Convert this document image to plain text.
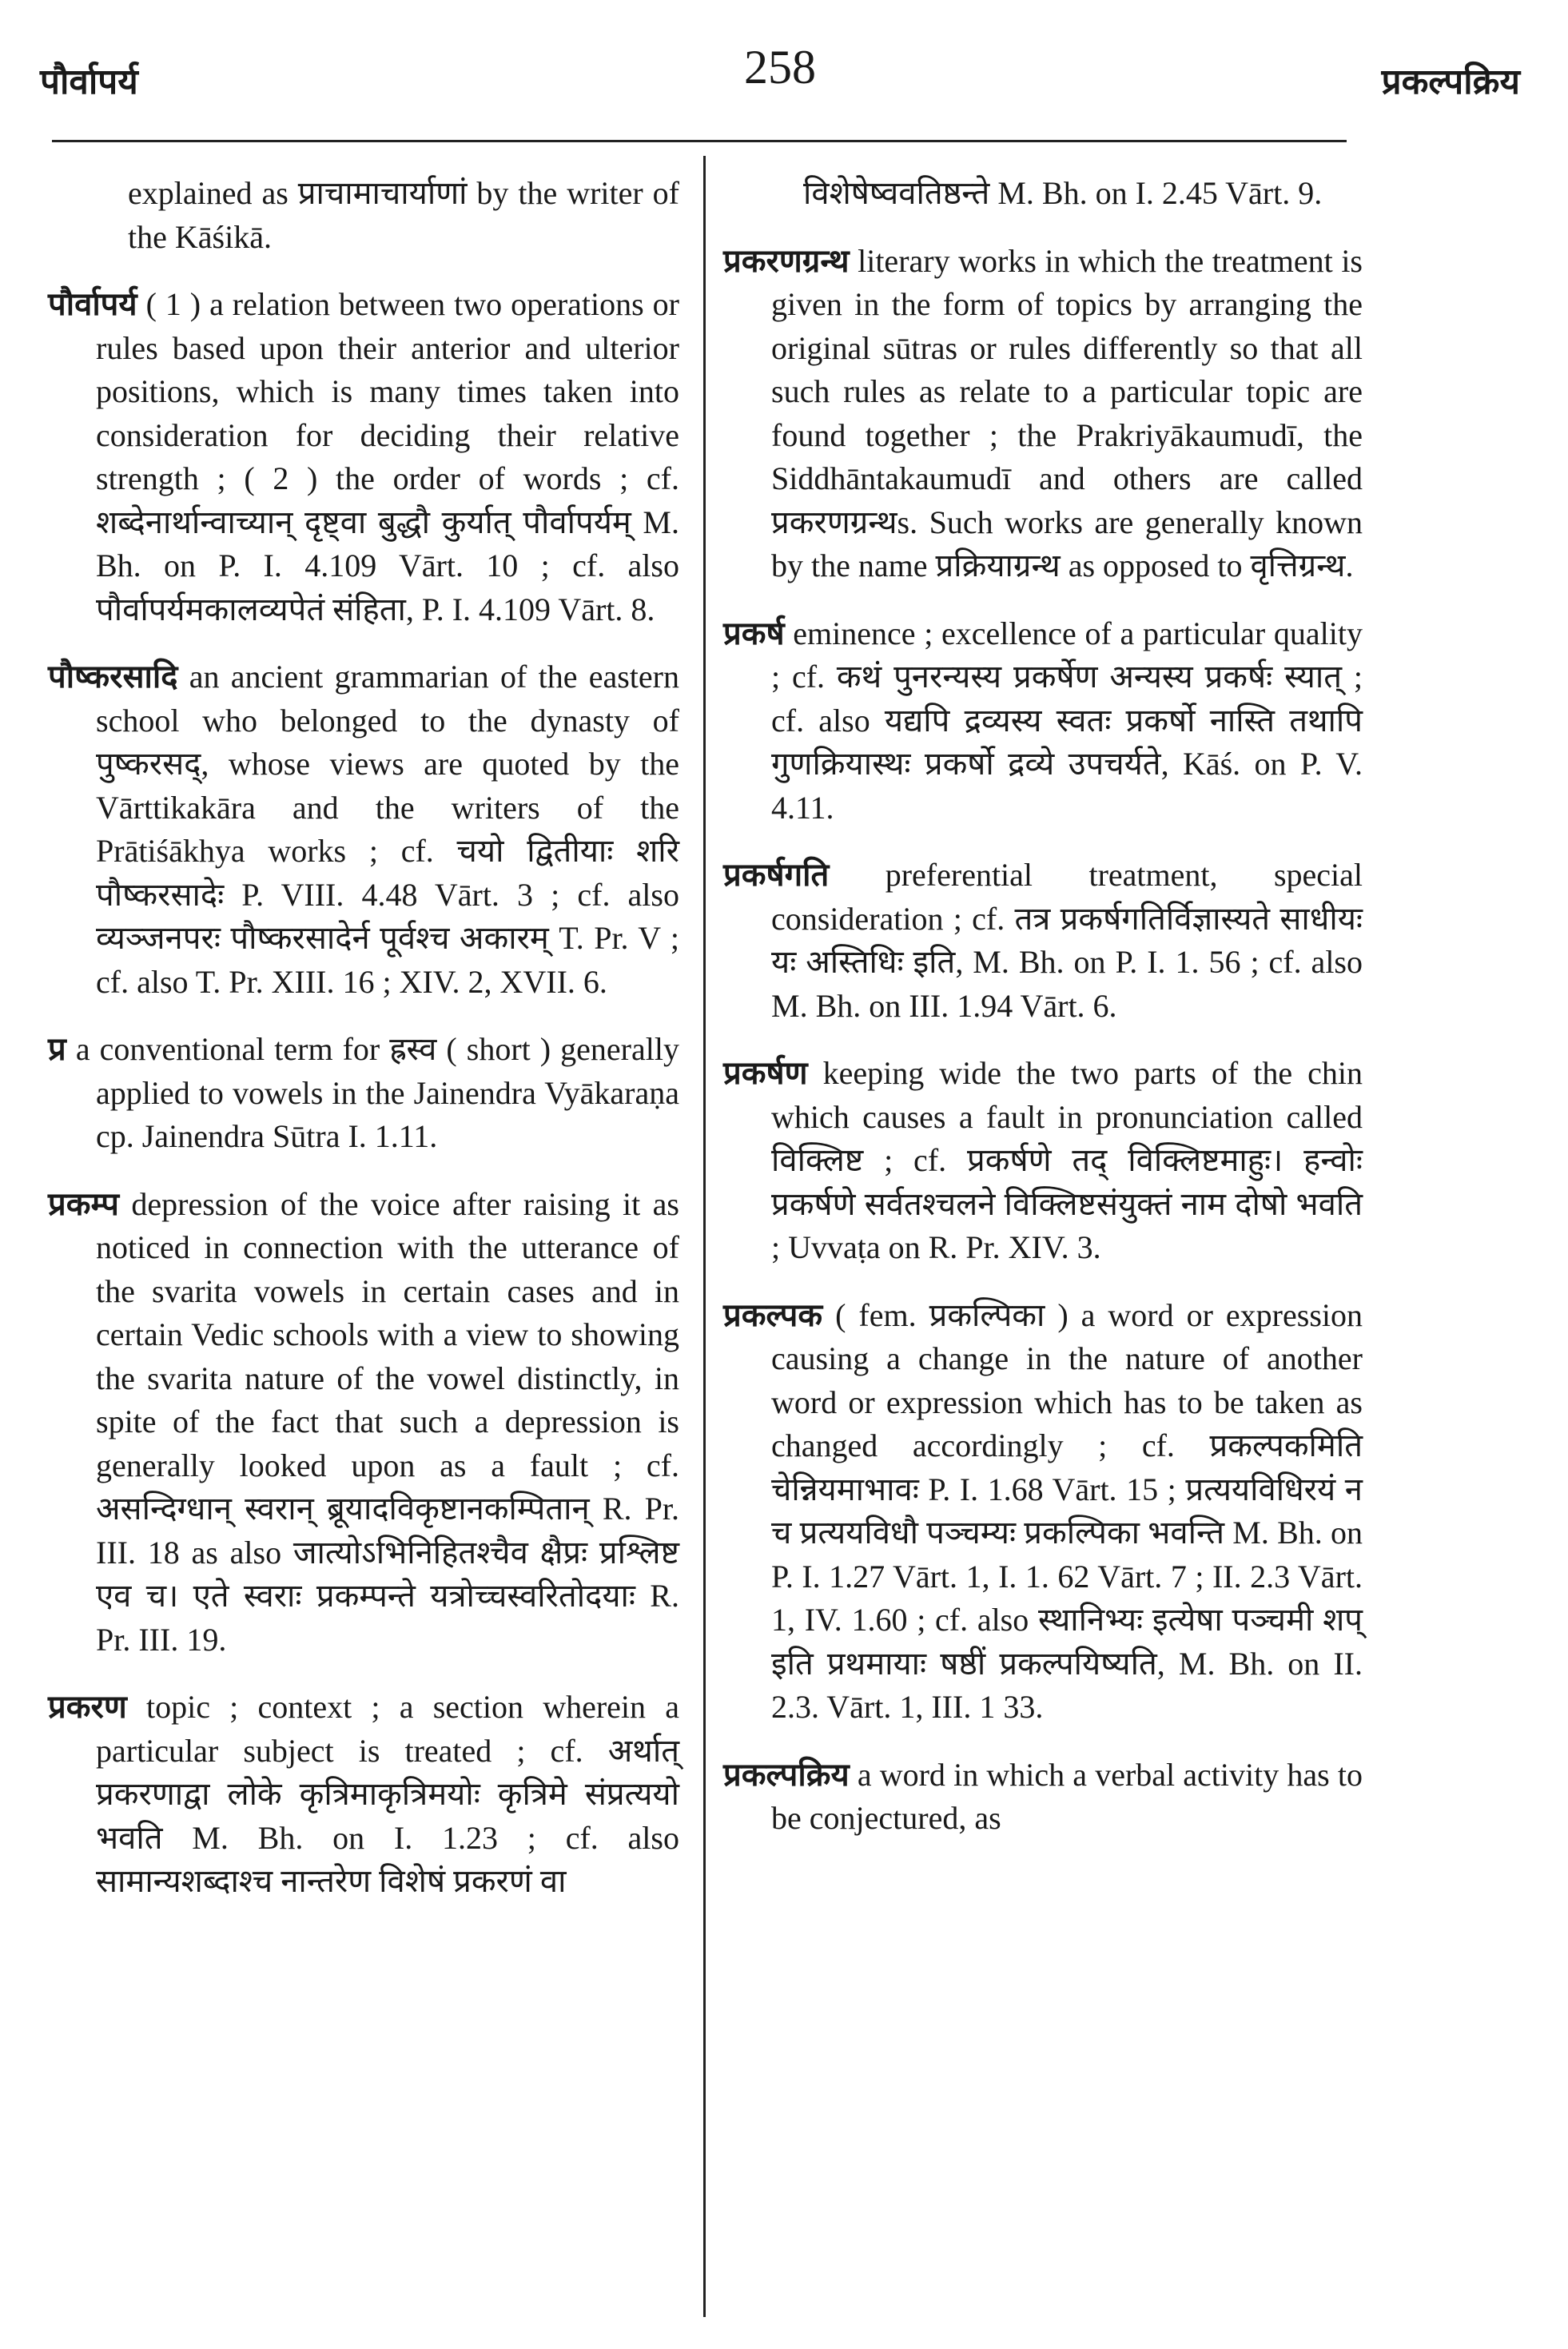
पौर्वापर्य	258	प्रकल्पक्रिय

explained as प्राचामाचार्याणां by the writer of the Kāśikā.

पौर्वापर्य ( 1 ) a relation between two operations or rules based upon their anterior and ulterior positions, which is many times taken into consideration for deciding their relative strength ; ( 2 ) the order of words ; cf. शब्देनार्थान्वाच्यान् दृष्ट्वा बुद्धौ कुर्यात् पौर्वापर्यम् M. Bh. on P. I. 4.109 Vārt. 10 ; cf. also पौर्वापर्यमकालव्यपेतं संहिता, P. I. 4.109 Vārt. 8.

पौष्करसादि an ancient grammarian of the eastern school who belonged to the dynasty of पुष्करसद्, whose views are quoted by the Vārttikakāra and the writers of the Prātiśākhya works ; cf. चयो द्वितीयाः शरि पौष्करसादेः P. VIII. 4.48 Vārt. 3 ; cf. also व्यञ्जनपरः पौष्करसादेर्न पूर्वश्च अकारम् T. Pr. V ; cf. also T. Pr. XIII. 16 ; XIV. 2, XVII. 6.

प्र a conventional term for ह्रस्व ( short ) generally applied to vowels in the Jainendra Vyākaraṇa cp. Jainendra Sūtra I. 1.11.

प्रकम्प depression of the voice after raising it as noticed in connection with the utterance of the svarita vowels in certain cases and in certain Vedic schools with a view to showing the svarita nature of the vowel distinctly, in spite of the fact that such a depression is generally looked upon as a fault ; cf. असन्दिग्धान् स्वरान् ब्रूयादविकृष्टानकम्पितान् R. Pr. III. 18 as also जात्योऽभिनिहितश्चैव क्षैप्रः प्रश्लिष्ट एव च। एते स्वराः प्रकम्पन्ते यत्रोच्चस्वरितोदयाः R. Pr. III. 19.

प्रकरण topic ; context ; a section wherein a particular subject is treated ; cf. अर्थात् प्रकरणाद्वा लोके कृत्रिमाकृत्रिमयोः कृत्रिमे संप्रत्ययो भवति M. Bh. on I. 1.23 ; cf. also सामान्यशब्दाश्च नान्तरेण विशेषं प्रकरणं वा

विशेषेष्ववतिष्ठन्ते M. Bh. on I. 2.45 Vārt. 9.

प्रकरणग्रन्थ literary works in which the treatment is given in the form of topics by arranging the original sūtras or rules differently so that all such rules as relate to a particular topic are found together ; the Prakriyākaumudī, the Siddhāntakaumudī and others are called प्रकरणग्रन्थs. Such works are generally known by the name प्रक्रियाग्रन्थ as opposed to वृत्तिग्रन्थ.

प्रकर्ष eminence ; excellence of a particular quality ; cf. कथं पुनरन्यस्य प्रकर्षेण अन्यस्य प्रकर्षः स्यात् ; cf. also यद्यपि द्रव्यस्य स्वतः प्रकर्षो नास्ति तथापि गुणक्रियास्थः प्रकर्षो द्रव्ये उपचर्यते, Kāś. on P. V. 4.11.

प्रकर्षगति preferential treatment, special consideration ; cf. तत्र प्रकर्षगतिर्विज्ञास्यते साधीयः यः अस्तिधिः इति, M. Bh. on P. I. 1. 56 ; cf. also M. Bh. on III. 1.94 Vārt. 6.

प्रकर्षण keeping wide the two parts of the chin which causes a fault in pronunciation called विक्लिष्ट ; cf. प्रकर्षणे तद् विक्लिष्टमाहुः। हन्वोः प्रकर्षणे सर्वतश्चलने विक्लिष्टसंयुक्तं नाम दोषो भवति ; Uvvaṭa on R. Pr. XIV. 3.

प्रकल्पक ( fem. प्रकल्पिका ) a word or expression causing a change in the nature of another word or expression which has to be taken as changed accordingly ; cf. प्रकल्पकमिति चेन्नियमाभावः P. I. 1.68 Vārt. 15 ; प्रत्ययविधिरयं न च प्रत्ययविधौ पञ्चम्यः प्रकल्पिका भवन्ति M. Bh. on P. I. 1.27 Vārt. 1, I. 1. 62 Vārt. 7 ; II. 2.3 Vārt. 1, IV. 1.60 ; cf. also स्थानिभ्यः इत्येषा पञ्चमी शप् इति प्रथमायाः षष्ठीं प्रकल्पयिष्यति, M. Bh. on II. 2.3. Vārt. 1, III. 1 33.

प्रकल्पक्रिय a word in which a verbal activity has to be conjectured, as
